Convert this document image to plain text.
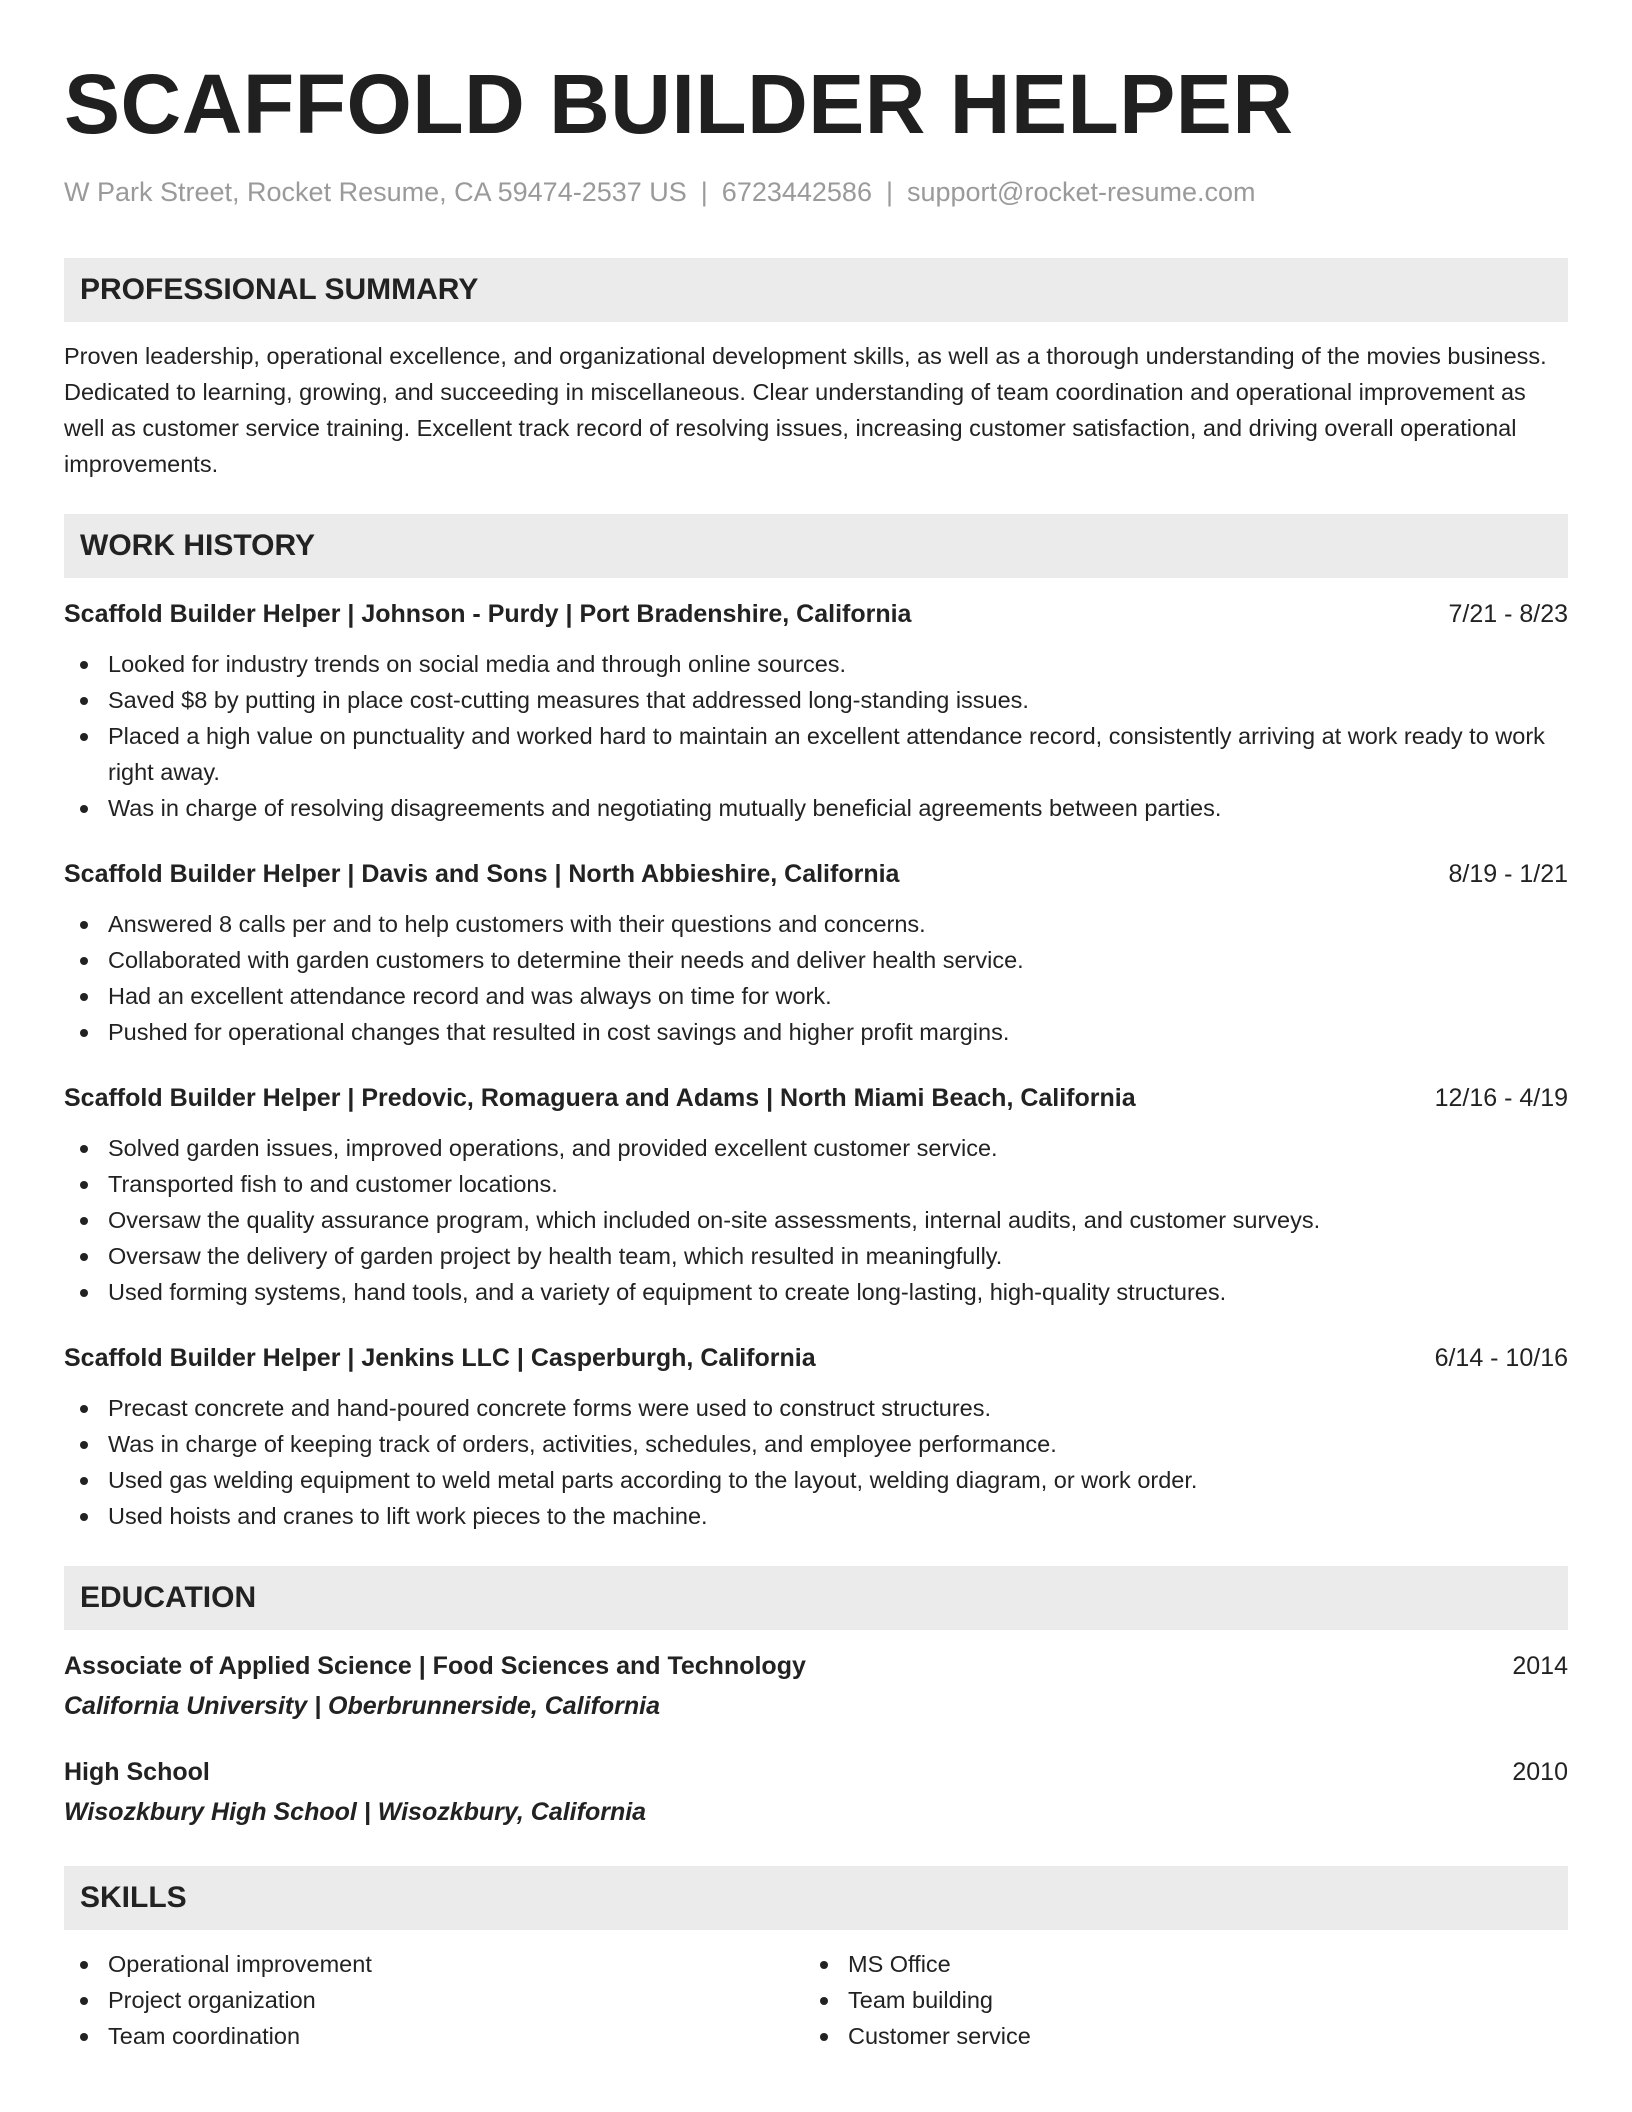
SCAFFOLD BUILDER HELPER
W Park Street, Rocket Resume, CA 59474-2537 US | 6723442586 | support@rocket-resume.com
PROFESSIONAL SUMMARY
Proven leadership, operational excellence, and organizational development skills, as well as a thorough understanding of the movies business. Dedicated to learning, growing, and succeeding in miscellaneous. Clear understanding of team coordination and operational improvement as well as customer service training. Excellent track record of resolving issues, increasing customer satisfaction, and driving overall operational improvements.
WORK HISTORY
Scaffold Builder Helper | Johnson - Purdy | Port Bradenshire, California	7/21 - 8/23
Looked for industry trends on social media and through online sources.
Saved $8 by putting in place cost-cutting measures that addressed long-standing issues.
Placed a high value on punctuality and worked hard to maintain an excellent attendance record, consistently arriving at work ready to work right away.
Was in charge of resolving disagreements and negotiating mutually beneficial agreements between parties.
Scaffold Builder Helper | Davis and Sons | North Abbieshire, California	8/19 - 1/21
Answered 8 calls per and to help customers with their questions and concerns.
Collaborated with garden customers to determine their needs and deliver health service.
Had an excellent attendance record and was always on time for work.
Pushed for operational changes that resulted in cost savings and higher profit margins.
Scaffold Builder Helper | Predovic, Romaguera and Adams | North Miami Beach, California	12/16 - 4/19
Solved garden issues, improved operations, and provided excellent customer service.
Transported fish to and customer locations.
Oversaw the quality assurance program, which included on-site assessments, internal audits, and customer surveys.
Oversaw the delivery of garden project by health team, which resulted in meaningfully.
Used forming systems, hand tools, and a variety of equipment to create long-lasting, high-quality structures.
Scaffold Builder Helper | Jenkins LLC | Casperburgh, California	6/14 - 10/16
Precast concrete and hand-poured concrete forms were used to construct structures.
Was in charge of keeping track of orders, activities, schedules, and employee performance.
Used gas welding equipment to weld metal parts according to the layout, welding diagram, or work order.
Used hoists and cranes to lift work pieces to the machine.
EDUCATION
Associate of Applied Science | Food Sciences and Technology	2014
California University | Oberbrunnerside, California
High School	2010
Wisozkbury High School | Wisozkbury, California
SKILLS
Operational improvement
Project organization
Team coordination
MS Office
Team building
Customer service
